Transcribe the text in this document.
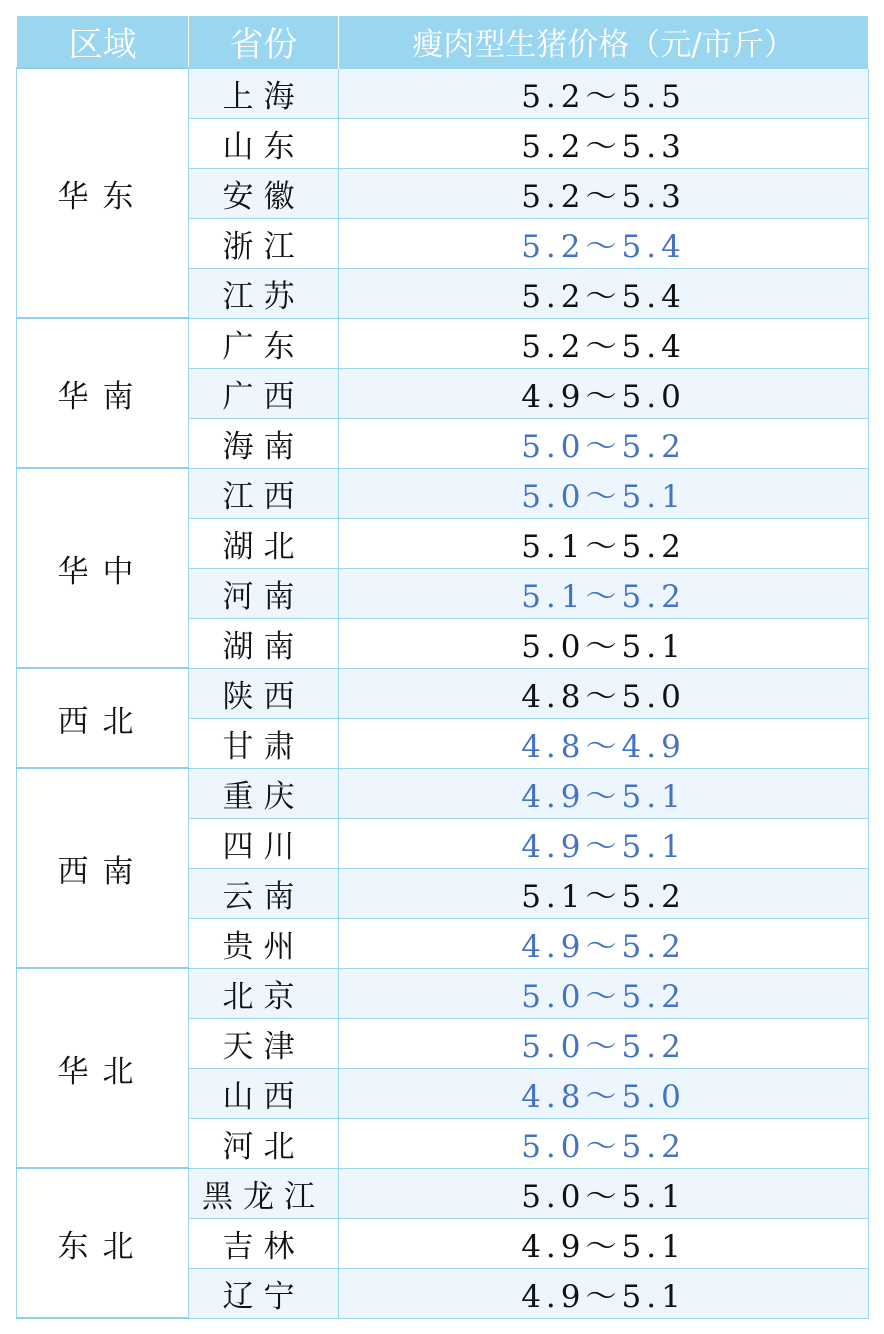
区域	省份	瘦肉型生猪价格（元/市斤）
华东	上海	5.2～5.5
	山东	5.2～5.3
	安徽	5.2～5.3
	浙江	5.2～5.4
	江苏	5.2～5.4
华南	广东	5.2～5.4
	广西	4.9～5.0
	海南	5.0～5.2
华中	江西	5.0～5.1
	湖北	5.1～5.2
	河南	5.1～5.2
	湖南	5.0～5.1
西北	陕西	4.8～5.0
	甘肃	4.8～4.9
西南	重庆	4.9～5.1
	四川	4.9～5.1
	云南	5.1～5.2
	贵州	4.9～5.2
华北	北京	5.0～5.2
	天津	5.0～5.2
	山西	4.8～5.0
	河北	5.0～5.2
东北	黑龙江	5.0～5.1
	吉林	4.9～5.1
	辽宁	4.9～5.1
